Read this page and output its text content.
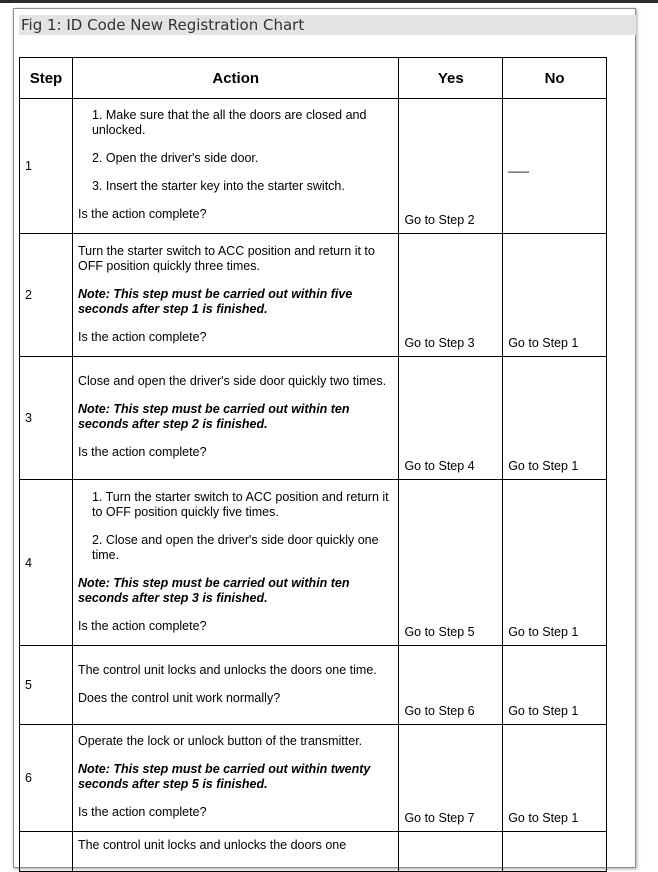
Fig 1: ID Code New Registration Chart
Step	Action	Yes	No
1	1. Make sure that the all the doors are closed and unlocked.

2. Open the driver's side door.

3. Insert the starter key into the starter switch.

Is the action complete?	Go to Step 2	___
2	Turn the starter switch to ACC position and return it to OFF position quickly three times.

Note: This step must be carried out within five seconds after step 1 is finished.

Is the action complete?	Go to Step 3	Go to Step 1
3	Close and open the driver's side door quickly two times.

Note: This step must be carried out within ten seconds after step 2 is finished.

Is the action complete?	Go to Step 4	Go to Step 1
4	1. Turn the starter switch to ACC position and return it to OFF position quickly five times.

2. Close and open the driver's side door quickly one time.

Note: This step must be carried out within ten seconds after step 3 is finished.

Is the action complete?	Go to Step 5	Go to Step 1
5	The control unit locks and unlocks the doors one time.

Does the control unit work normally?	Go to Step 6	Go to Step 1
6	Operate the lock or unlock button of the transmitter.

Note: This step must be carried out within twenty seconds after step 5 is finished.

Is the action complete?	Go to Step 7	Go to Step 1

	The control unit locks and unlocks the doors one		
